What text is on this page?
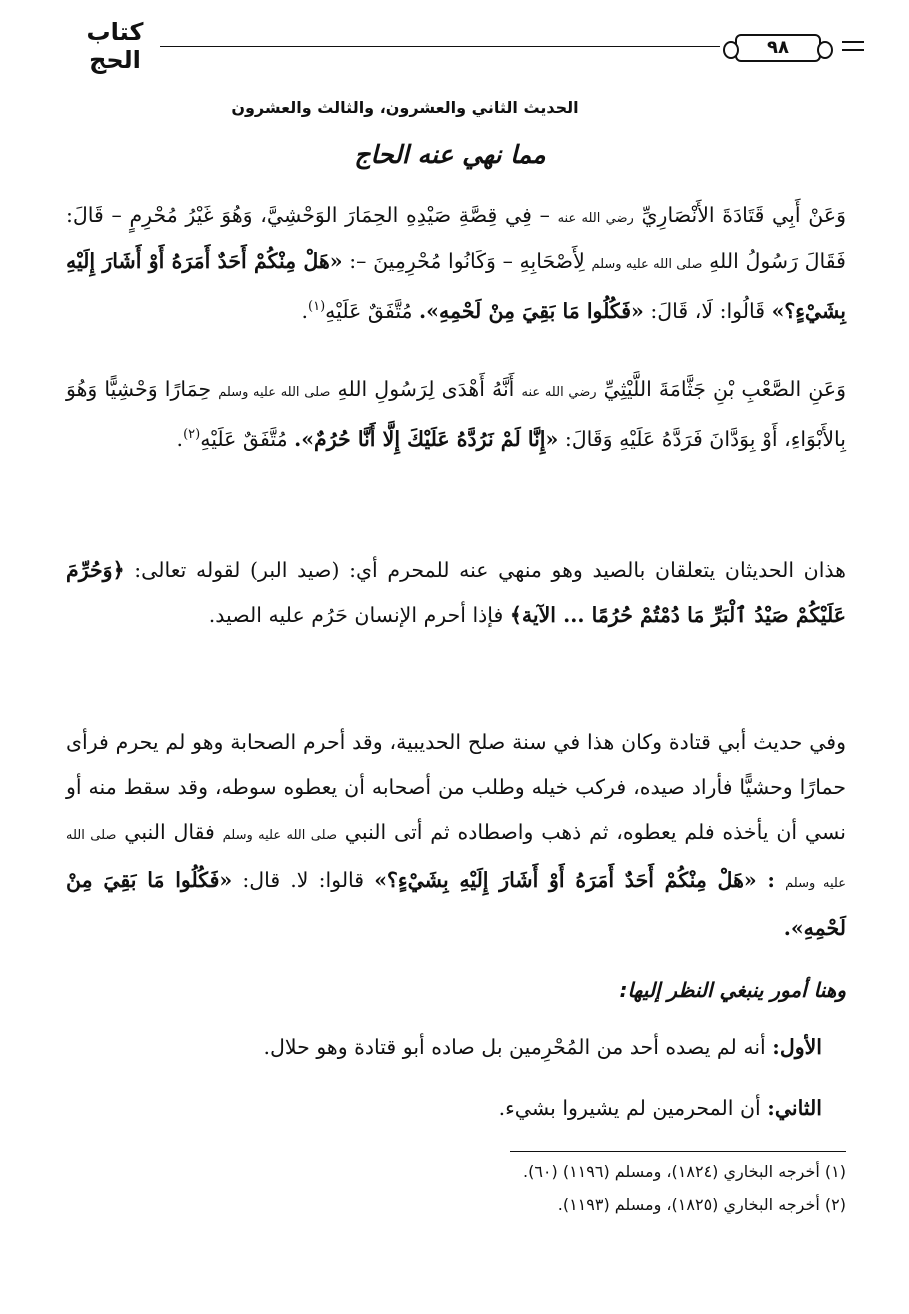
كتاب الحج	٩٨
الحديث الثاني والعشرون، والثالث والعشرون
مما نهي عنه الحاج
وَعَنْ أَبِي قَتَادَةَ الأَنْصَارِيِّ رضي الله عنه – فِي قِصَّةِ صَيْدِهِ الحِمَارَ الوَحْشِيَّ، وَهُوَ غَيْرُ مُحْرِمٍ – قَالَ: فَقَالَ رَسُولُ اللهِ صلى الله عليه وسلم لِأَصْحَابِهِ – وَكَانُوا مُحْرِمِينَ –: «هَلْ مِنْكُمْ أَحَدٌ أَمَرَهُ أَوْ أَشَارَ إِلَيْهِ بِشَيْءٍ؟» قَالُوا: لَا، قَالَ: «فَكُلُوا مَا بَقِيَ مِنْ لَحْمِهِ». مُتَّفَقٌ عَلَيْهِ$^{(١)}$.
وَعَنِ الصَّعْبِ بْنِ جَثَّامَةَ اللَّيْثِيِّ رضي الله عنه أَنَّهُ أَهْدَى لِرَسُولِ اللهِ صلى الله عليه وسلم حِمَارًا وَحْشِيًّا وَهُوَ بِالأَبْوَاءِ، أَوْ بِوَدَّانَ فَرَدَّهُ عَلَيْهِ وَقَالَ: «إِنَّا لَمْ نَرُدَّهُ عَلَيْكَ إِلَّا أَنَّا حُرُمٌ». مُتَّفَقٌ عَلَيْهِ$^{(٢)}$.
هذان الحديثان يتعلقان بالصيد وهو منهي عنه للمحرم أي: (صيد البر) لقوله تعالى: ﴿وَحُرِّمَ عَلَيْكُمْ صَيْدُ ٱلْبَرِّ مَا دُمْتُمْ حُرُمًا ... الآية﴾ فإذا أحرم الإنسان حَرُم عليه الصيد.
وفي حديث أبي قتادة وكان هذا في سنة صلح الحديبية، وقد أحرم الصحابة وهو لم يحرم فرأى حمارًا وحشيًّا فأراد صيده، فركب خيله وطلب من أصحابه أن يعطوه سوطه، وقد سقط منه أو نسي أن يأخذه فلم يعطوه، ثم ذهب واصطاده ثم أتى النبي صلى الله عليه وسلم فقال النبي صلى الله عليه وسلم : «هَلْ مِنْكُمْ أَحَدٌ أَمَرَهُ أَوْ أَشَارَ إِلَيْهِ بِشَيْءٍ؟» قالوا: لا. قال: «فَكُلُوا مَا بَقِيَ مِنْ لَحْمِهِ».
وهنا أمور ينبغي النظر إليها:
الأول: أنه لم يصده أحد من المُحْرِمين بل صاده أبو قتادة وهو حلال.
الثاني: أن المحرمين لم يشيروا بشيء.
(١) أخرجه البخاري (١٨٢٤)، ومسلم (١١٩٦) (٦٠).
(٢) أخرجه البخاري (١٨٢٥)، ومسلم (١١٩٣).
